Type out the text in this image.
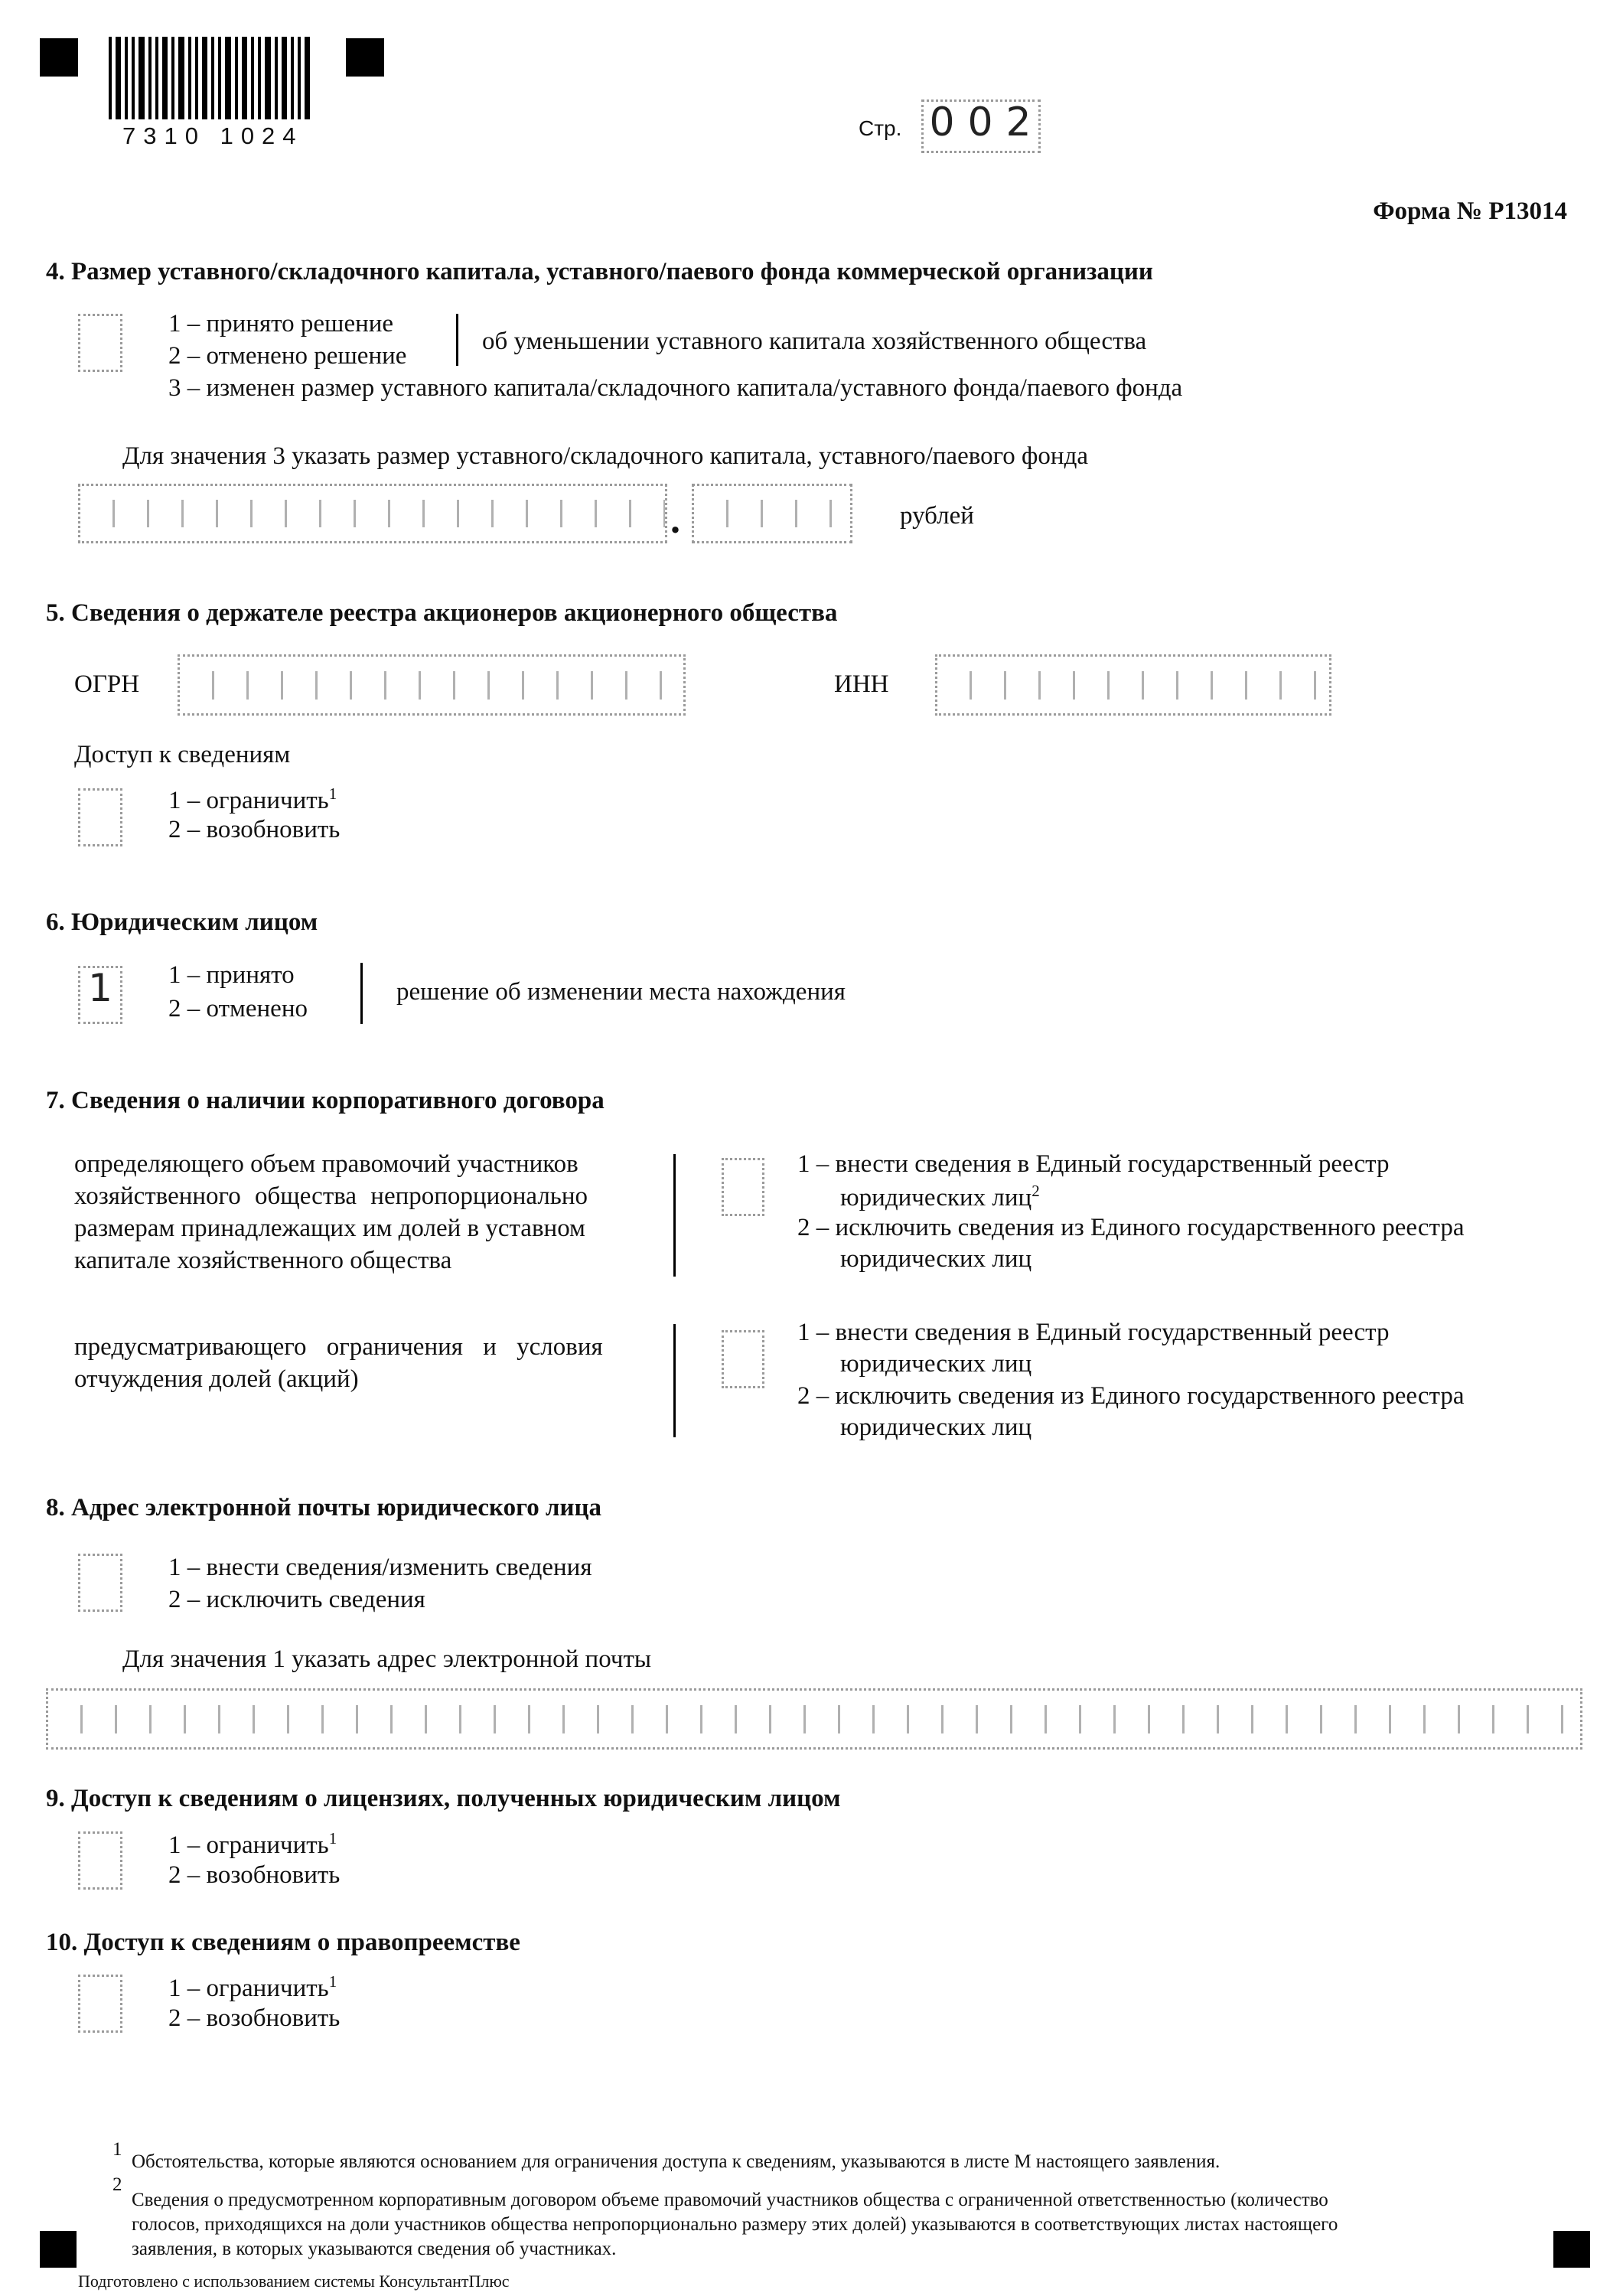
7310 1024	Стр. 0 0 2
Форма № Р13014
4. Размер уставного/складочного капитала, уставного/паевого фонда коммерческой организации
1 – принято решение
2 – отменено решение
об уменьшении уставного капитала хозяйственного общества
3 – изменен размер уставного капитала/складочного капитала/уставного фонда/паевого фонда
Для значения 3 указать размер уставного/складочного капитала, уставного/паевого фонда
.	рублей
5. Сведения о держателе реестра акционеров акционерного общества
ОГРН	ИНН
Доступ к сведениям
1 – ограничить$^1$
2 – возобновить
6. Юридическим лицом
1	1 – принято
2 – отменено
решение об изменении места нахождения
7. Сведения о наличии корпоративного договора
определяющего объем правомочий участников
хозяйственного общества непропорционально
размерам принадлежащих им долей в уставном
капитале хозяйственного общества
1 – внести сведения в Единый государственный реестр
юридических лиц$^2$
2 – исключить сведения из Единого государственного реестра
юридических лиц
предусматривающего ограничения и условия
отчуждения долей (акций)
1 – внести сведения в Единый государственный реестр
юридических лиц
2 – исключить сведения из Единого государственного реестра
юридических лиц
8. Адрес электронной почты юридического лица
1 – внести сведения/изменить сведения
2 – исключить сведения
Для значения 1 указать адрес электронной почты
9. Доступ к сведениям о лицензиях, полученных юридическим лицом
1 – ограничить$^1$
2 – возобновить
10. Доступ к сведениям о правопреемстве
1 – ограничить$^1$
2 – возобновить
1
Обстоятельства, которые являются основанием для ограничения доступа к сведениям, указываются в листе М настоящего заявления.
2
Сведения о предусмотренном корпоративным договором объеме правомочий участников общества с ограниченной ответственностью (количество
голосов, приходящихся на доли участников общества непропорционально размеру этих долей) указываются в соответствующих листах настоящего
заявления, в которых указываются сведения об участниках.
Подготовлено с использованием системы КонсультантПлюс
